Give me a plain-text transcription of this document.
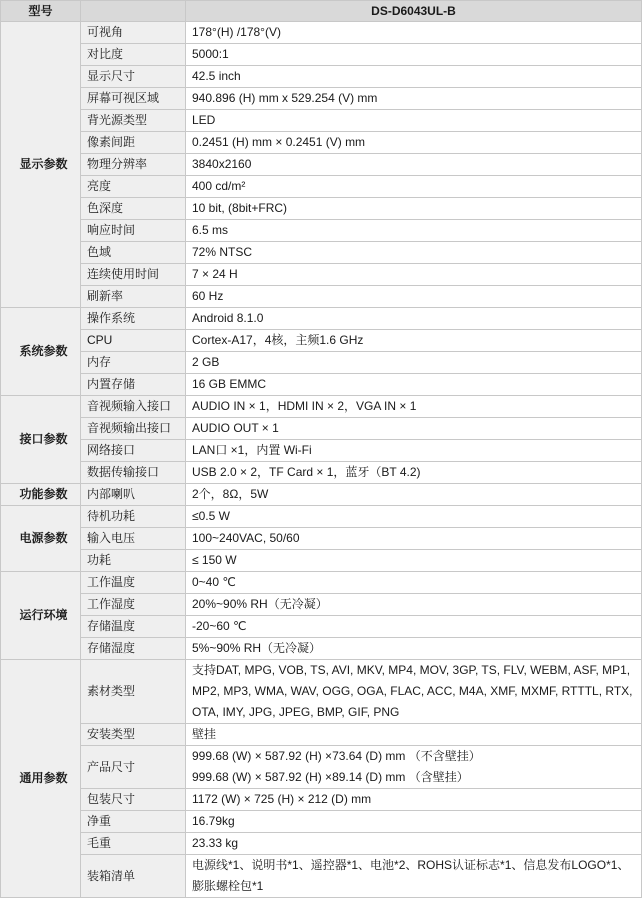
型号		DS-D6043UL-B
显示参数	可视角	178°(H) /178°(V)

	对比度	5000:1

	显示尺寸	42.5 inch

	屏幕可视区域	940.896 (H) mm x 529.254 (V) mm

	背光源类型	LED

	像素间距	0.2451 (H) mm × 0.2451 (V) mm

	物理分辨率	3840x2160

	亮度	400 cd/m²

	色深度	10 bit, (8bit+FRC)

	响应时间	6.5 ms

	色域	72% NTSC

	连续使用时间	7 × 24 H

	刷新率	60 Hz

系统参数	操作系统	Android 8.1.0

	CPU	Cortex-A17，4核，主频1.6 GHz

	内存	2 GB

	内置存储	16 GB EMMC

接口参数	音视频输入接口	AUDIO IN × 1，HDMI IN × 2，VGA IN × 1

	音视频输出接口	AUDIO OUT × 1

	网络接口	LAN口 ×1，内置 Wi-Fi

	数据传输接口	USB 2.0 × 2，TF Card × 1，蓝牙（BT 4.2)

功能参数	内部喇叭	2个，8Ω，5W

电源参数	待机功耗	≤0.5 W

	输入电压	100~240VAC, 50/60

	功耗	≤ 150 W

运行环境	工作温度	0~40 ℃

	工作湿度	20%~90% RH（无冷凝）

	存储温度	-20~60 ℃

	存储湿度	5%~90% RH（无冷凝）

通用参数	素材类型	支持DAT, MPG, VOB, TS, AVI, MKV, MP4, MOV, 3GP, TS, FLV, WEBM, ASF, MP1, MP2, MP3, WMA, WAV, OGG, OGA, FLAC, ACC, M4A, XMF, MXMF, RTTTL, RTX, OTA, IMY, JPG, JPEG, BMP, GIF, PNG

	安装类型	壁挂

	产品尺寸	999.68 (W) × 587.92 (H) ×73.64 (D) mm （不含壁挂）
999.68 (W) × 587.92 (H) ×89.14 (D) mm （含壁挂）

	包装尺寸	1172 (W) × 725 (H) × 212 (D) mm

	净重	16.79kg

	毛重	23.33 kg

	装箱清单	电源线*1、说明书*1、遥控器*1、电池*2、ROHS认证标志*1、信息发布LOGO*1、膨胀螺栓包*1
